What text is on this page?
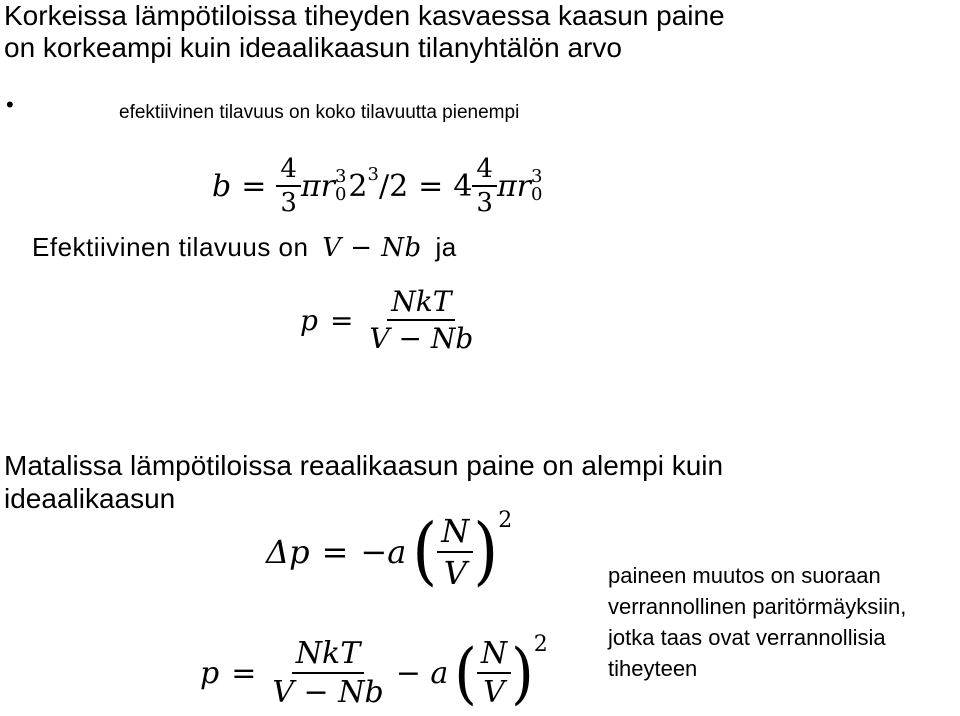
Korkeissa lämpötiloissa tiheyden kasvaessa kaasun paine
on korkeampi kuin ideaalikaasun tilanyhtälön arvo
•	efektiivinen tilavuus on koko tilavuutta pienempi
$b = \frac{4}{3}$ πr 3
0 2 3 $/2 = 4 \frac{4}{3}$ πr 3
0
Efektiivinen tilavuus on V − Nb ja
$p = \frac{\text{NkT}}{V - Nb}$
Matalissa lämpötiloissa reaalikaasun paine on alempi kuin
ideaalikaasun
Δp = −a ( $\frac{N}{V}$ ) 2
$p = \frac{\text{NkT}}{V - Nb} - a$ ( $\frac{N}{V}$ ) 2
paineen muutos on suoraan
verrannollinen paritörmäyksiin,
jotka taas ovat verrannollisia
tiheyteen
